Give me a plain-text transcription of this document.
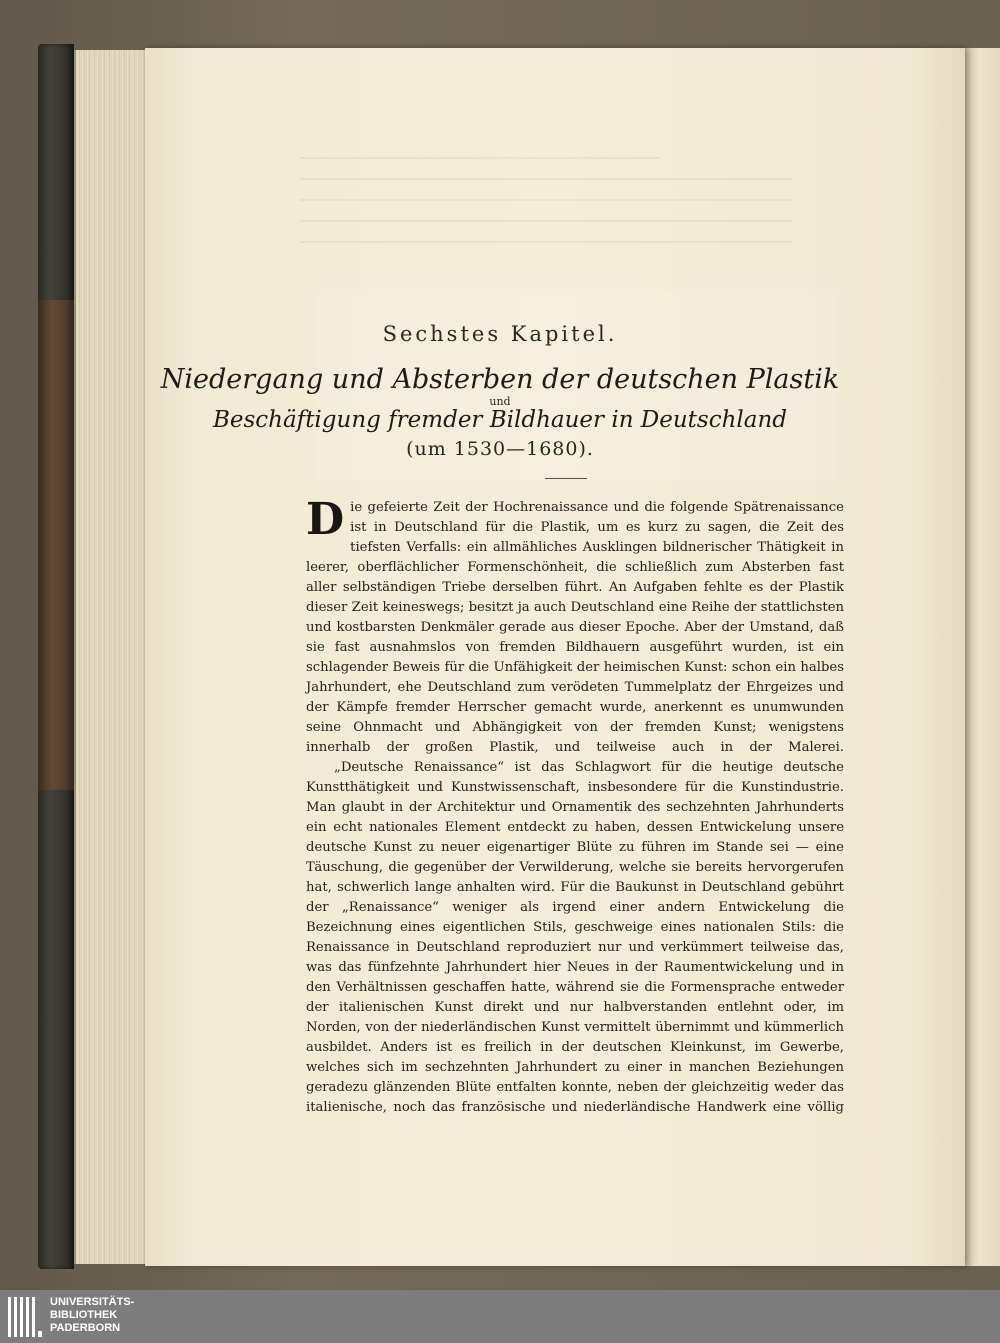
────────────────────────────────────────────
────────────────────────────────────────────────────────────
────────────────────────────────────────────────────────────
────────────────────────────────────────────────────────────
────────────────────────────────────────────────────────────
Sechstes Kapitel.
Niedergang und Absterben der deutschen Plastik
und
Beschäftigung fremder Bildhauer in Deutschland
(um 1530—1680).

Die gefeierte Zeit der Hochrenaissance und die folgende Spätrenaissance ist in Deutschland für die Plastik, um es kurz zu sagen, die Zeit des tiefsten Verfalls: ein allmähliches Ausklingen bildnerischer Thätigkeit in leerer, oberflächlicher Formenschönheit, die schließlich zum Absterben fast aller selbständigen Triebe derselben führt. An Aufgaben fehlte es der Plastik dieser Zeit keineswegs; besitzt ja auch Deutschland eine Reihe der stattlichsten und kostbarsten Denkmäler gerade aus dieser Epoche. Aber der Umstand, daß sie fast ausnahmslos von fremden Bildhauern ausgeführt wurden, ist ein schlagender Beweis für die Unfähigkeit der heimischen Kunst: schon ein halbes Jahrhundert, ehe Deutschland zum verödeten Tummelplatz der Ehrgeizes und der Kämpfe fremder Herrscher gemacht wurde, anerkennt es unumwunden seine Ohnmacht und Abhängigkeit von der fremden Kunst; wenigstens innerhalb der großen Plastik, und teilweise auch in der Malerei.

„Deutsche Renaissance“ ist das Schlagwort für die heutige deutsche Kunstthätigkeit und Kunstwissenschaft, insbesondere für die Kunstindustrie. Man glaubt in der Architektur und Ornamentik des sechzehnten Jahrhunderts ein echt nationales Element entdeckt zu haben, dessen Entwickelung unsere deutsche Kunst zu neuer eigenartiger Blüte zu führen im Stande sei — eine Täuschung, die gegenüber der Verwilderung, welche sie bereits hervorgerufen hat, schwerlich lange anhalten wird. Für die Baukunst in Deutschland gebührt der „Renaissance“ weniger als irgend einer andern Entwickelung die Bezeichnung eines eigentlichen Stils, geschweige eines nationalen Stils: die Renaissance in Deutschland reproduziert nur und verkümmert teilweise das, was das fünfzehnte Jahrhundert hier Neues in der Raumentwickelung und in den Verhältnissen geschaffen hatte, während sie die Formensprache entweder der italienischen Kunst direkt und nur halbverstanden entlehnt oder, im Norden, von der niederländischen Kunst vermittelt übernimmt und kümmerlich ausbildet. Anders ist es freilich in der deutschen Kleinkunst, im Gewerbe, welches sich im sechzehnten Jahrhundert zu einer in manchen Beziehungen geradezu glänzenden Blüte entfalten konnte, neben der gleichzeitig weder das italienische, noch das französische und niederländische Handwerk eine völlig

UNIVERSITÄTS-
BIBLIOTHEK
PADERBORN
